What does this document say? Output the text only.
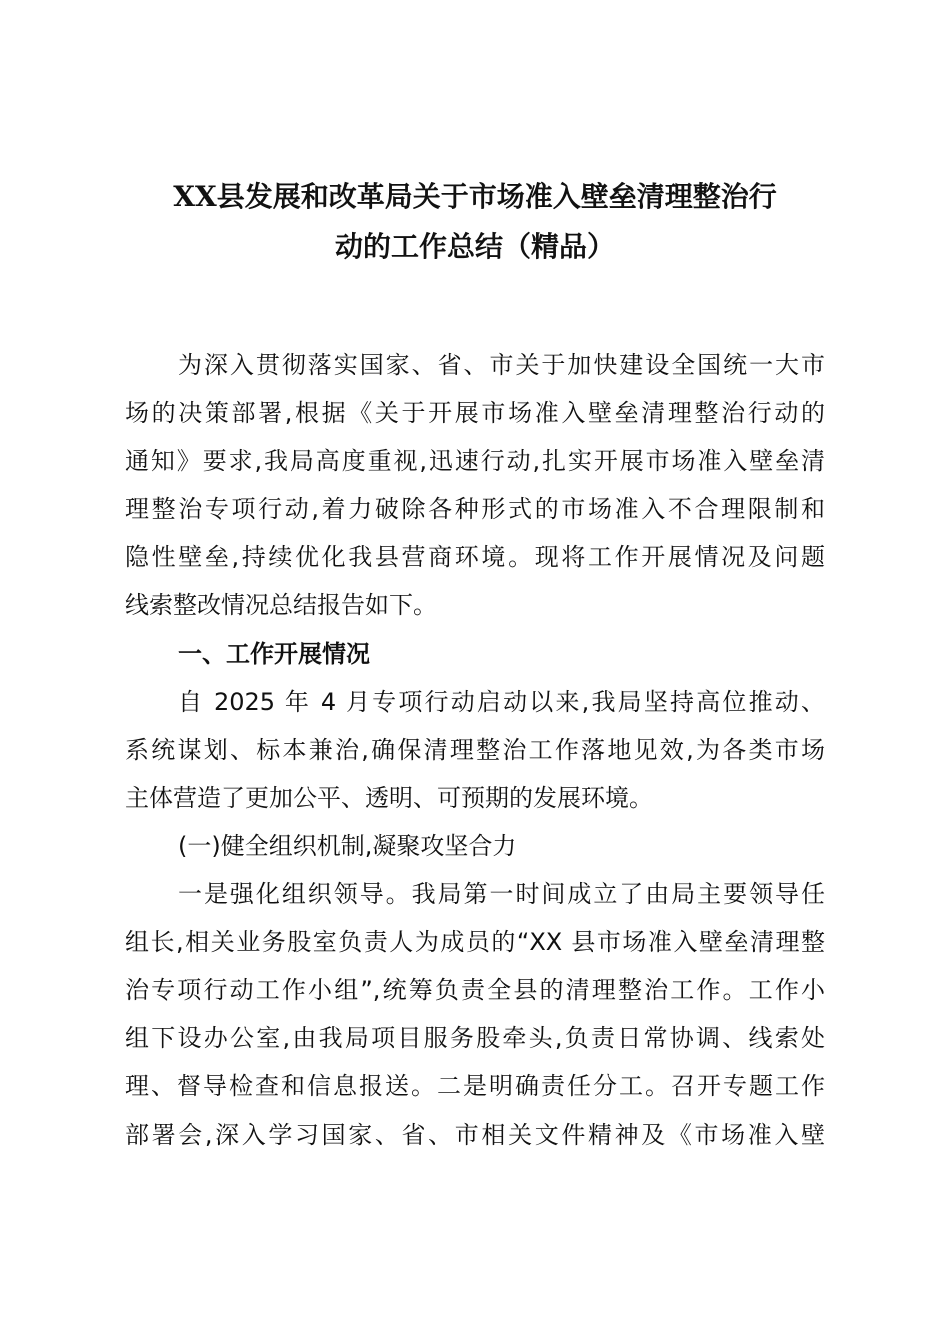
XX县发展和改革局关于市场准入壁垒清理整治行
动的工作总结（精品）
为深入贯彻落实国家、省、市关于加快建设全国统一大市
场的决策部署,根据《关于开展市场准入壁垒清理整治行动的
通知》要求,我局高度重视,迅速行动,扎实开展市场准入壁垒清
理整治专项行动,着力破除各种形式的市场准入不合理限制和
隐性壁垒,持续优化我县营商环境。现将工作开展情况及问题
线索整改情况总结报告如下。
一、工作开展情况
自 2025 年 4 月专项行动启动以来,我局坚持高位推动、
系统谋划、标本兼治,确保清理整治工作落地见效,为各类市场
主体营造了更加公平、透明、可预期的发展环境。
(一)健全组织机制,凝聚攻坚合力
一是强化组织领导。我局第一时间成立了由局主要领导任
组长,相关业务股室负责人为成员的“XX 县市场准入壁垒清理整
治专项行动工作小组”,统筹负责全县的清理整治工作。工作小
组下设办公室,由我局项目服务股牵头,负责日常协调、线索处
理、督导检查和信息报送。二是明确责任分工。召开专题工作
部署会,深入学习国家、省、市相关文件精神及《市场准入壁
